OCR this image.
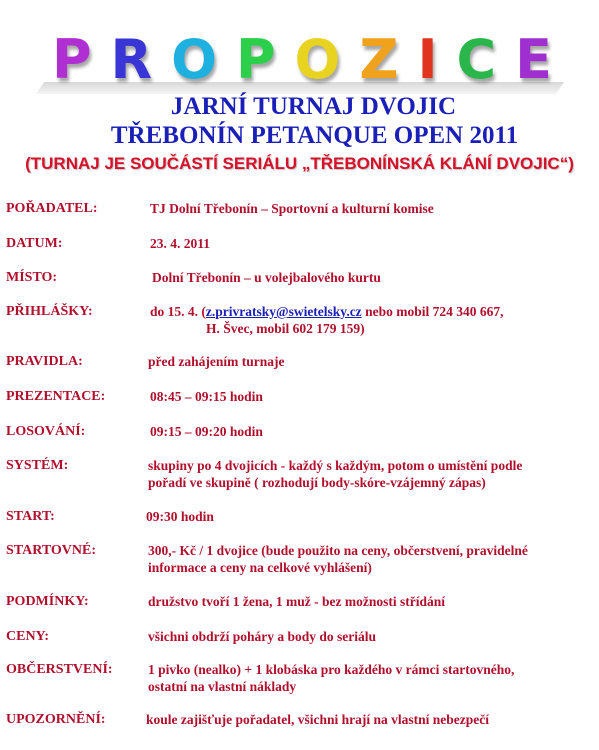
P R O P O Z I C E
JARNÍ TURNAJ DVOJIC
TŘEBONÍN PETANQUE OPEN 2011
(TURNAJ JE SOUČÁSTÍ SERIÁLU „TŘEBONÍNSKÁ KLÁNÍ DVOJIC“)
POŘADATEL:	TJ Dolní Třebonín – Sportovní a kulturní komise
DATUM:	23. 4. 2011
MÍSTO:	Dolní Třebonín – u volejbalového kurtu
PŘIHLÁŠKY:	do 15. 4. (z.privratsky@swietelsky.cz nebo mobil 724 340 667,
H. Švec, mobil 602 179 159)
PRAVIDLA:	před zahájením turnaje
PREZENTACE:	08:45 – 09:15 hodin
LOSOVÁNÍ:	09:15 – 09:20 hodin
SYSTÉM:	skupiny po 4 dvojicích - každý s každým, potom o umístění podle
pořadí ve skupině ( rozhodují body-skóre-vzájemný zápas)
START:	09:30 hodin
STARTOVNÉ:	300,- Kč / 1 dvojice (bude použito na ceny, občerstvení, pravidelné
informace a ceny na celkové vyhlášení)
PODMÍNKY:	družstvo tvoří 1 žena, 1 muž - bez možnosti střídání
CENY:	všichni obdrží poháry a body do seriálu
OBČERSTVENÍ:	1 pivko (nealko) + 1 klobáska pro každého v rámci startovného,
ostatní na vlastní náklady
UPOZORNĚNÍ:	koule zajišťuje pořadatel, všichni hrají na vlastní nebezpečí
